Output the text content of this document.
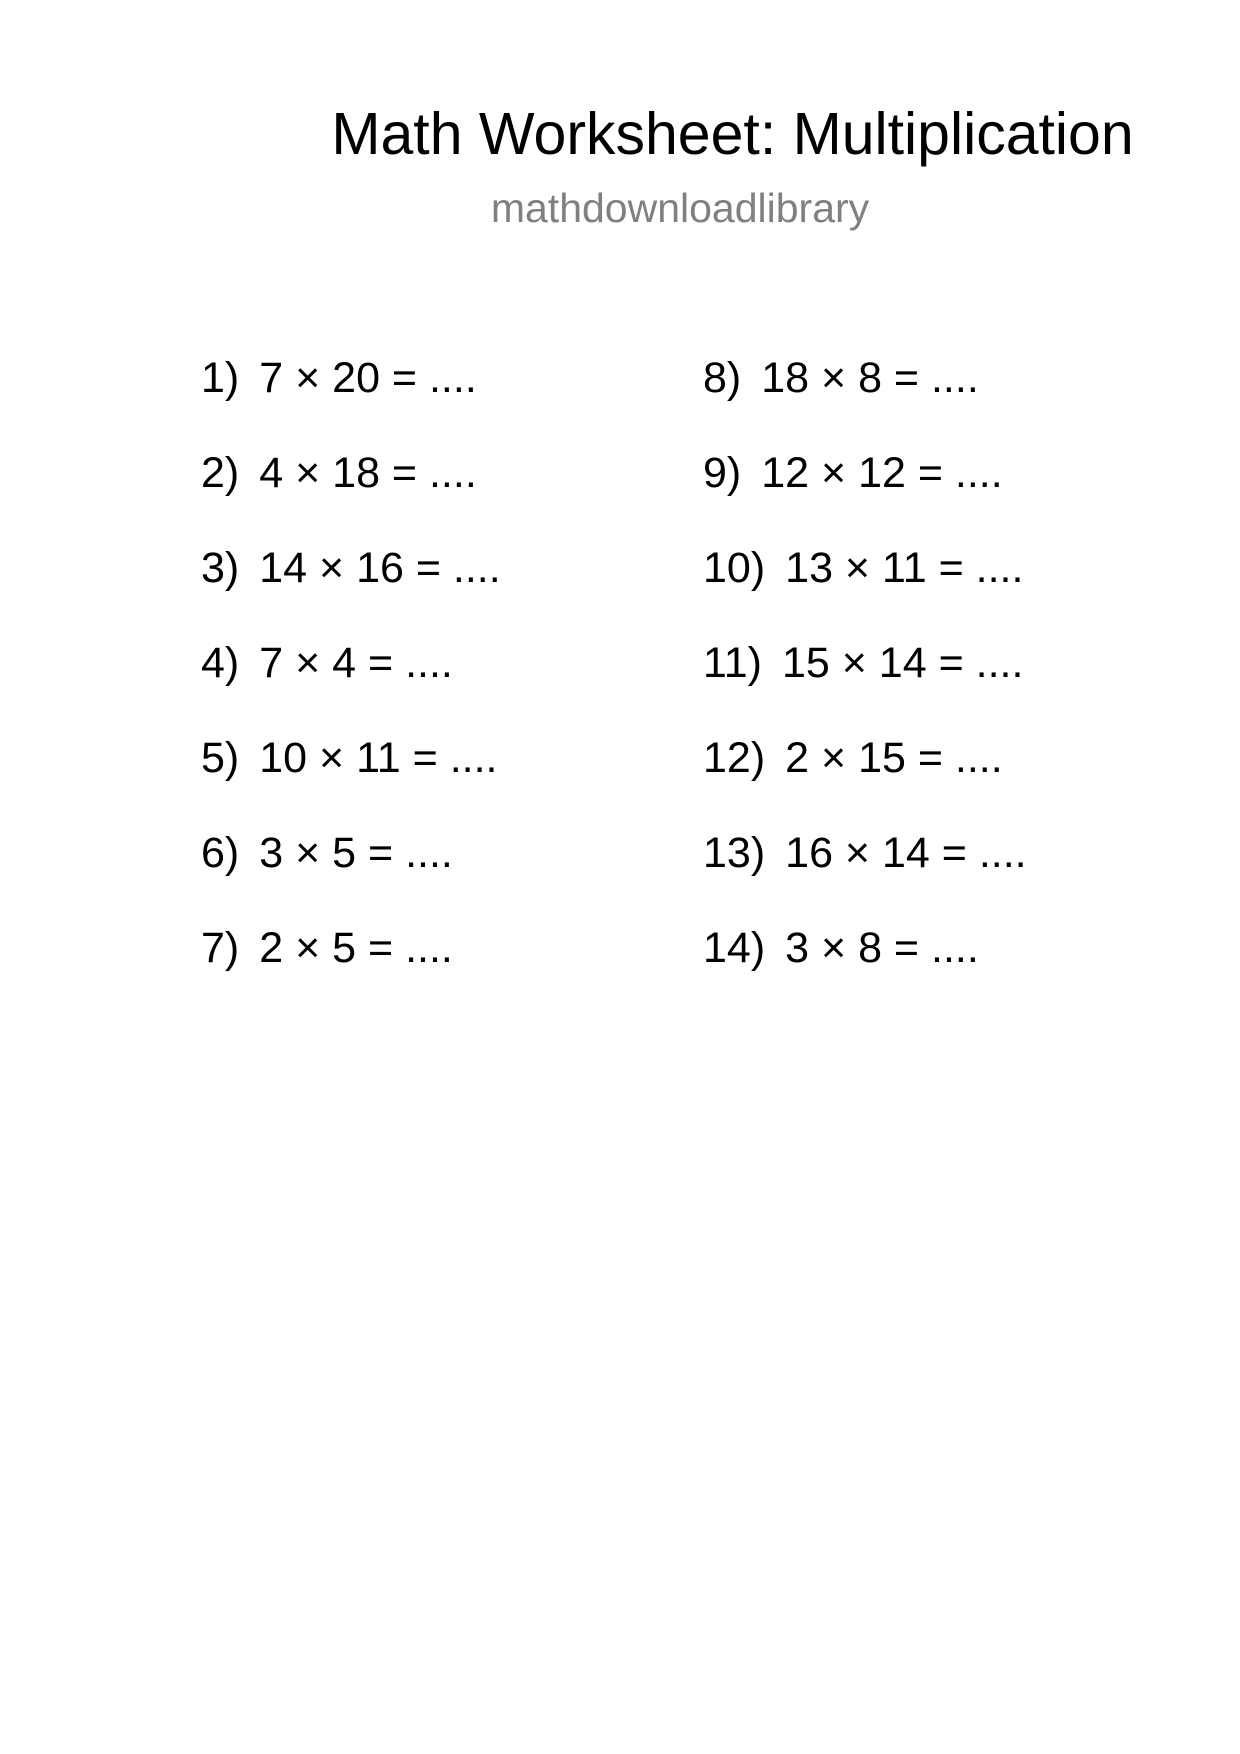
Math Worksheet: Multiplication
mathdownloadlibrary
1) 7 × 20 = ....
2) 4 × 18 = ....
3) 14 × 16 = ....
4) 7 × 4 = ....
5) 10 × 11 = ....
6) 3 × 5 = ....
7) 2 × 5 = ....
8) 18 × 8 = ....
9) 12 × 12 = ....
10) 13 × 11 = ....
11) 15 × 14 = ....
12) 2 × 15 = ....
13) 16 × 14 = ....
14) 3 × 8 = ....
